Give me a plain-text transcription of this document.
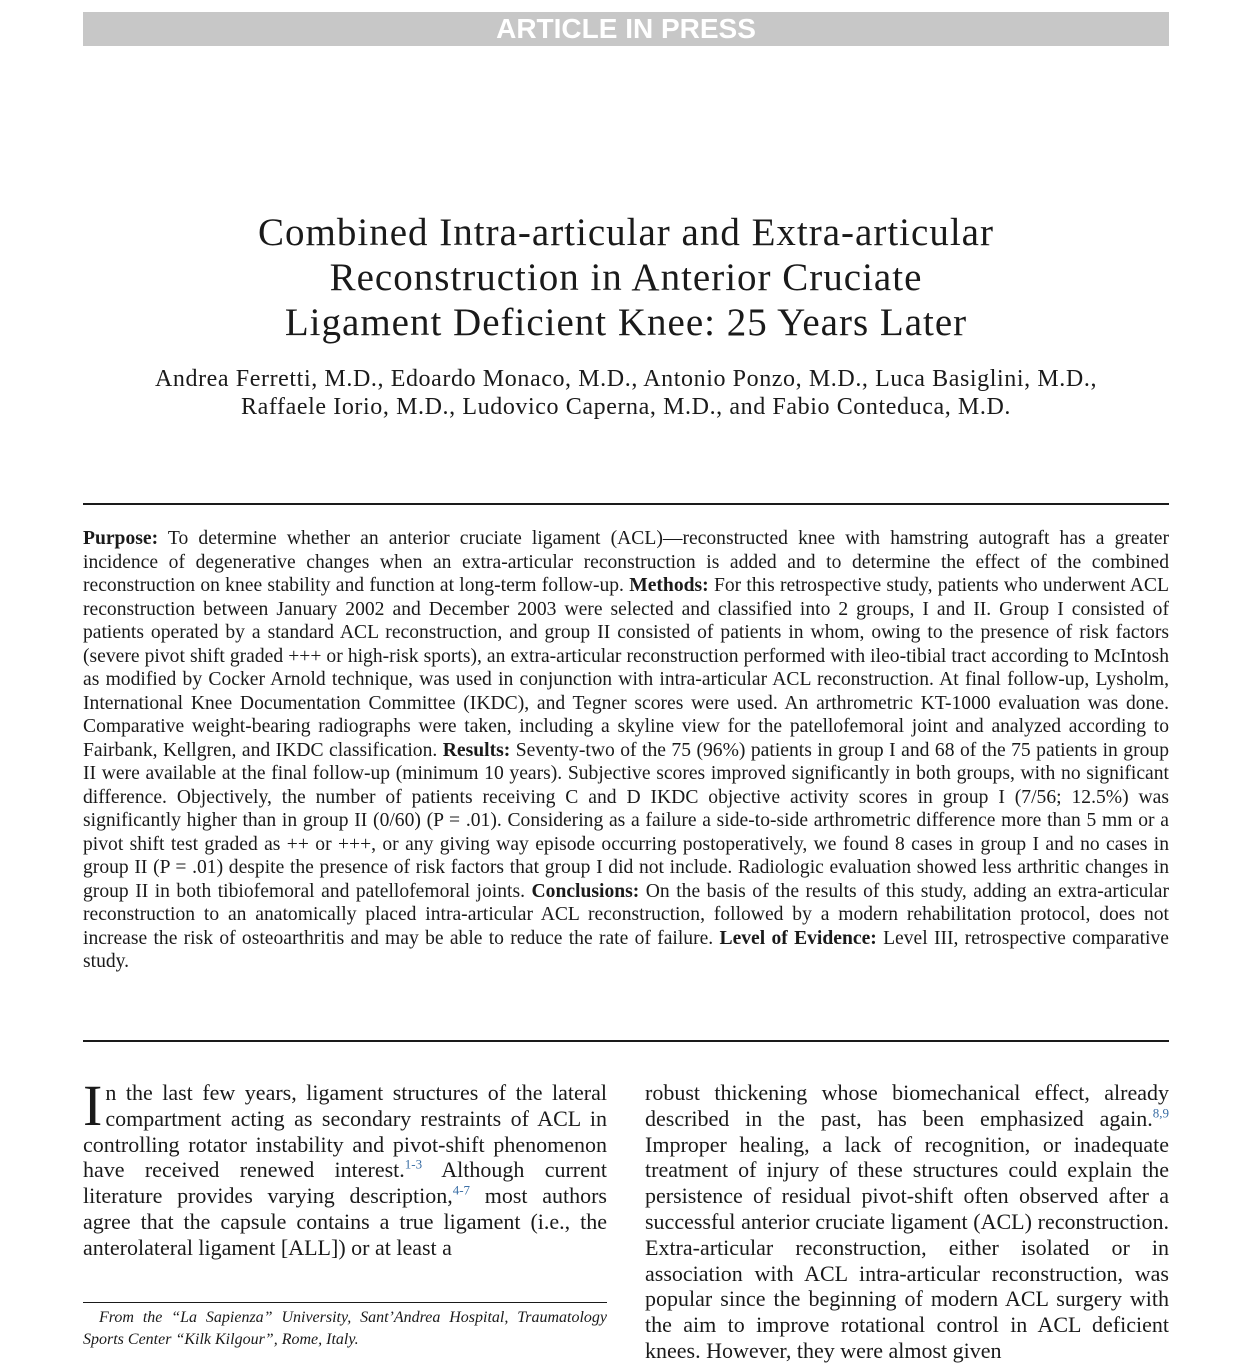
ARTICLE IN PRESS
Combined Intra-articular and Extra-articular
Reconstruction in Anterior Cruciate
Ligament Deficient Knee: 25 Years Later
Andrea Ferretti, M.D., Edoardo Monaco, M.D., Antonio Ponzo, M.D., Luca Basiglini, M.D.,
Raffaele Iorio, M.D., Ludovico Caperna, M.D., and Fabio Conteduca, M.D.
Purpose: To determine whether an anterior cruciate ligament (ACL)—reconstructed knee with hamstring autograft has a greater incidence of degenerative changes when an extra-articular reconstruction is added and to determine the effect of the combined reconstruction on knee stability and function at long-term follow-up. Methods: For this retrospective study, patients who underwent ACL reconstruction between January 2002 and December 2003 were selected and classified into 2 groups, I and II. Group I consisted of patients operated by a standard ACL reconstruction, and group II consisted of patients in whom, owing to the presence of risk factors (severe pivot shift graded +++ or high-risk sports), an extra-articular reconstruction performed with ileo-tibial tract according to McIntosh as modified by Cocker Arnold technique, was used in conjunction with intra-articular ACL reconstruction. At final follow-up, Lysholm, International Knee Documentation Committee (IKDC), and Tegner scores were used. An arthrometric KT-1000 evaluation was done. Comparative weight-bearing radiographs were taken, including a skyline view for the patellofemoral joint and analyzed according to Fairbank, Kellgren, and IKDC classification. Results: Seventy-two of the 75 (96%) patients in group I and 68 of the 75 patients in group II were available at the final follow-up (minimum 10 years). Subjective scores improved significantly in both groups, with no significant difference. Objectively, the number of patients receiving C and D IKDC objective activity scores in group I (7/56; 12.5%) was significantly higher than in group II (0/60) (P = .01). Considering as a failure a side-to-side arthrometric difference more than 5 mm or a pivot shift test graded as ++ or +++, or any giving way episode occurring postoperatively, we found 8 cases in group I and no cases in group II (P = .01) despite the presence of risk factors that group I did not include. Radiologic evaluation showed less arthritic changes in group II in both tibiofemoral and patellofemoral joints. Conclusions: On the basis of the results of this study, adding an extra-articular reconstruction to an anatomically placed intra-articular ACL reconstruction, followed by a modern rehabilitation protocol, does not increase the risk of osteoarthritis and may be able to reduce the rate of failure. Level of Evidence: Level III, retrospective comparative study.
In the last few years, ligament structures of the lateral compartment acting as secondary restraints of ACL in controlling rotator instability and pivot-shift phenomenon have received renewed interest.$^{1-3}$ Although current literature provides varying description,$^{4-7}$ most authors agree that the capsule contains a true ligament (i.e., the anterolateral ligament [ALL]) or at least a
robust thickening whose biomechanical effect, already described in the past, has been emphasized again.$^{8,9}$ Improper healing, a lack of recognition, or inadequate treatment of injury of these structures could explain the persistence of residual pivot-shift often observed after a successful anterior cruciate ligament (ACL) reconstruction. Extra-articular reconstruction, either isolated or in association with ACL intra-articular reconstruction, was popular since the beginning of modern ACL surgery with the aim to improve rotational control in ACL deficient knees. However, they were almost given
From the “La Sapienza” University, Sant’Andrea Hospital, Traumatology Sports Center “Kilk Kilgour”, Rome, Italy.
